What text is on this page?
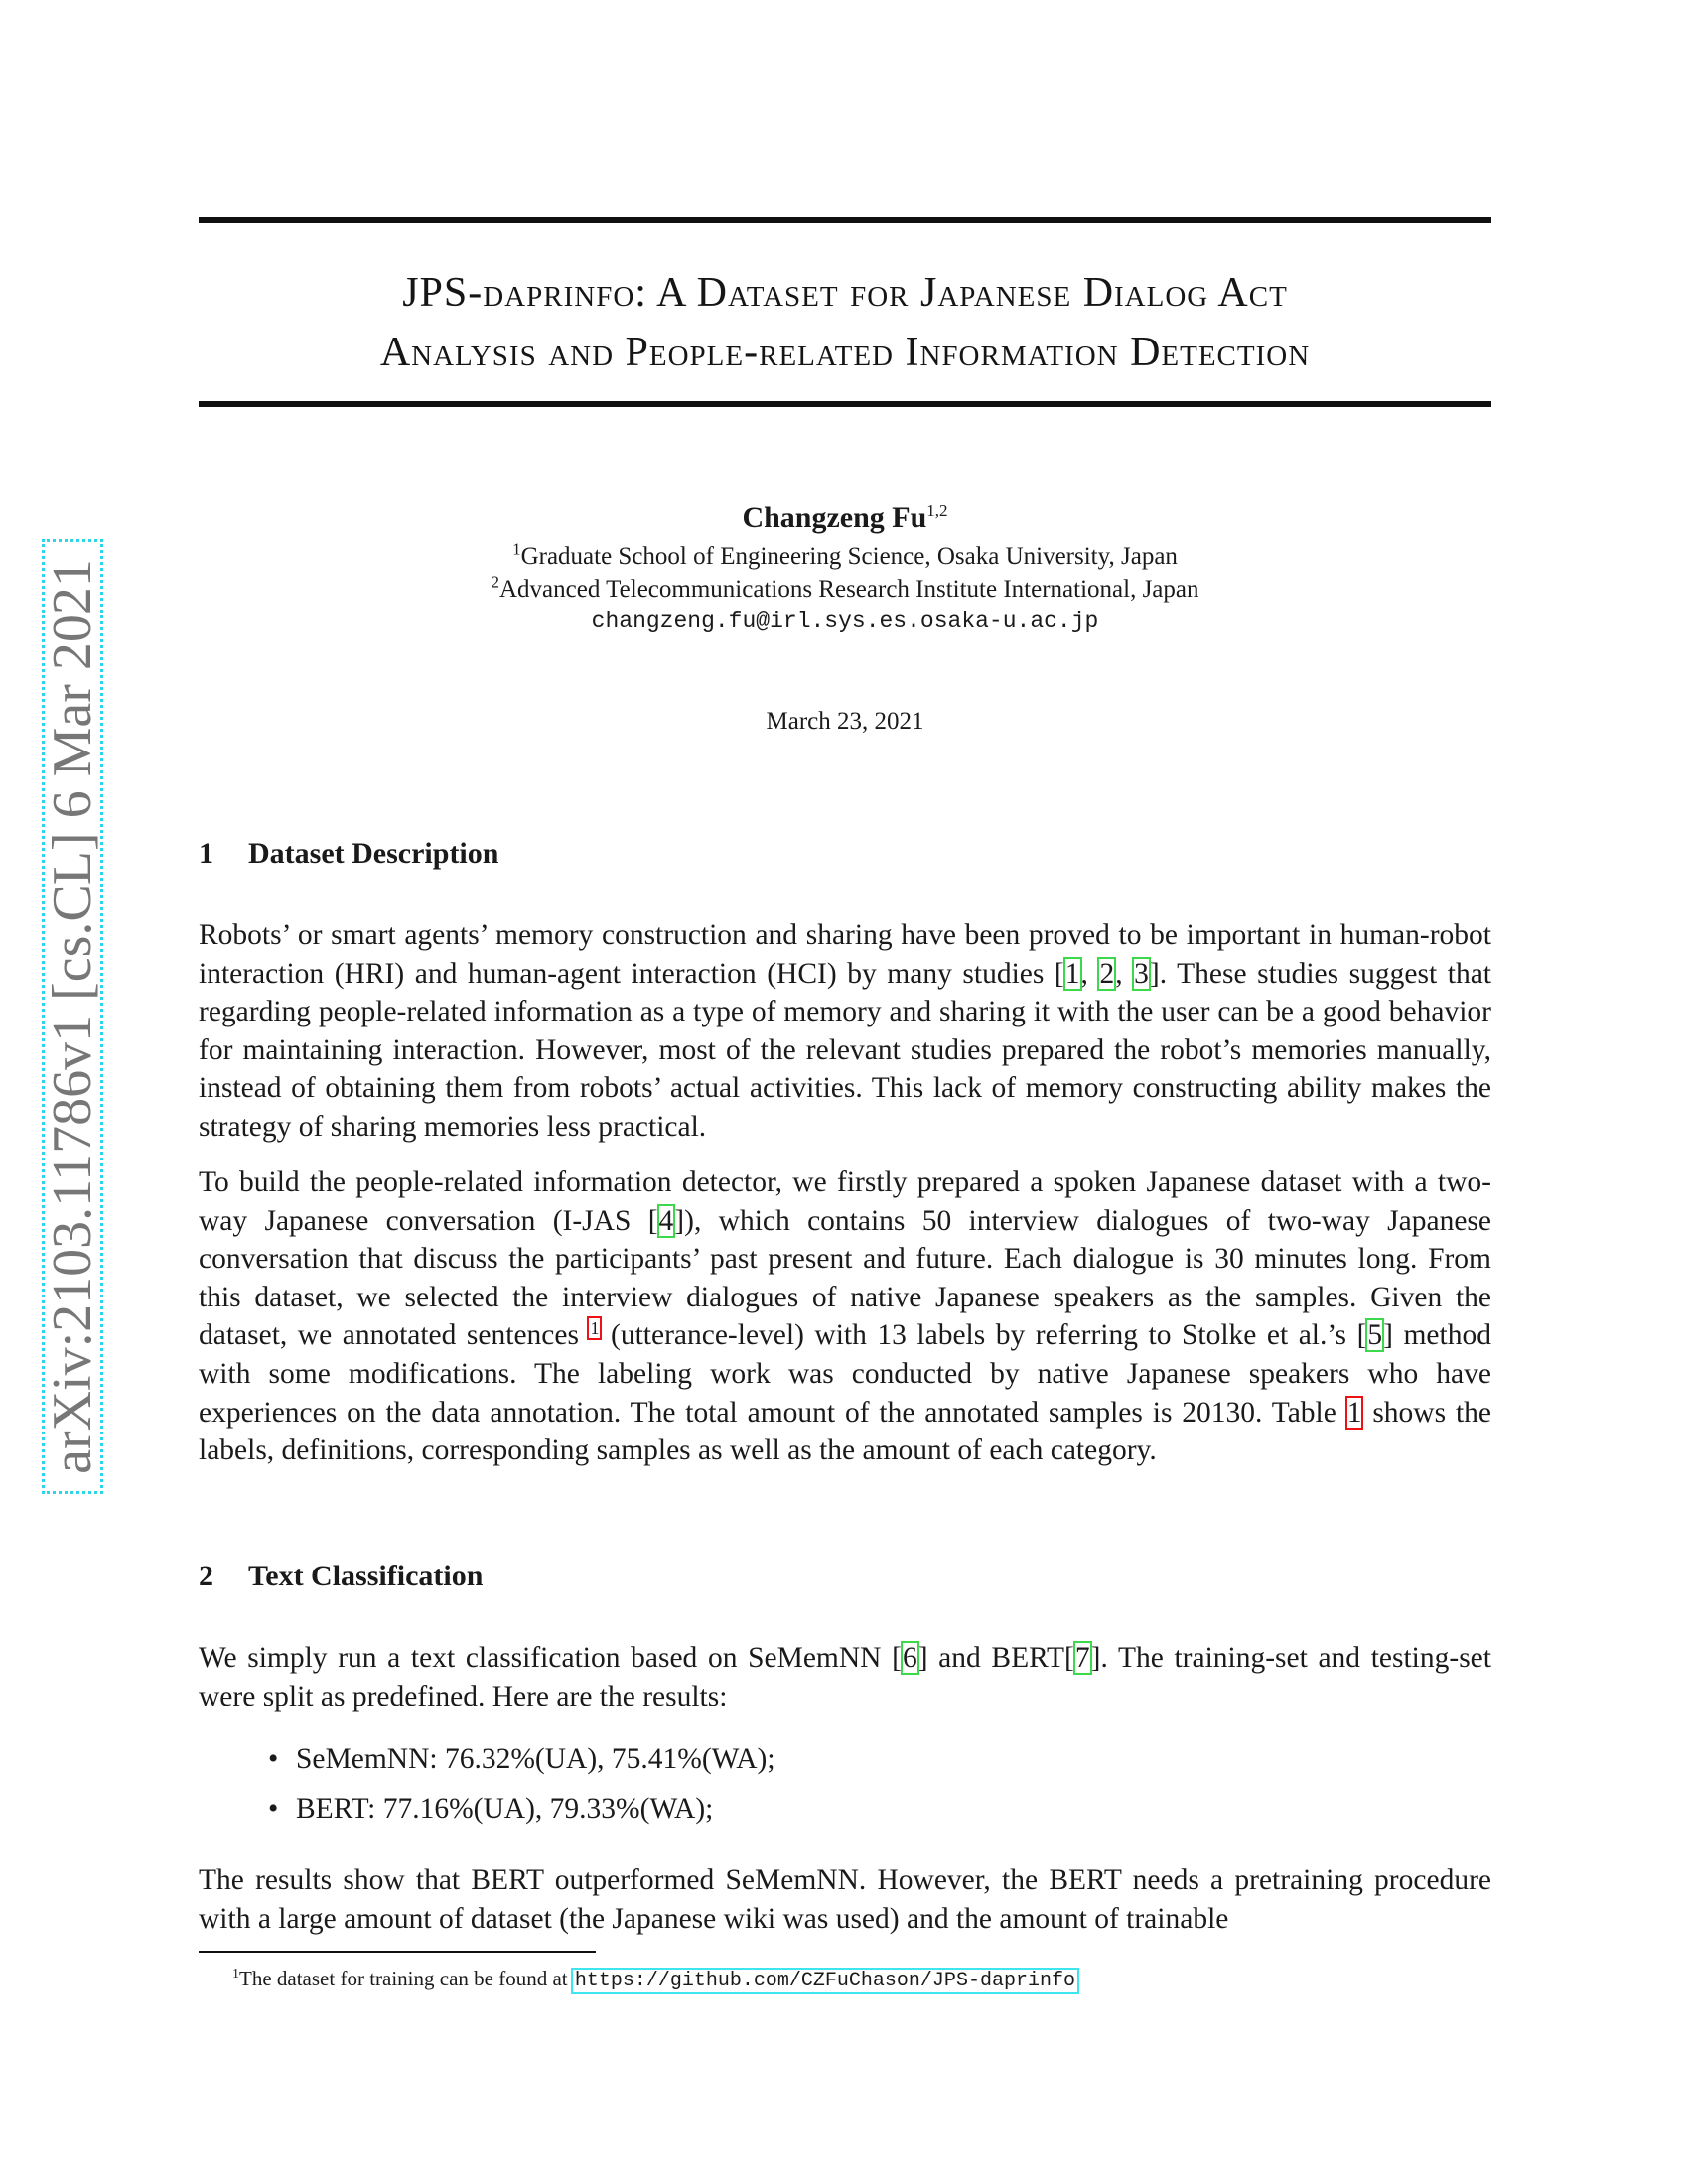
JPS-daprinfo: A Dataset for Japanese Dialog Act
Analysis and People-related Information Detection
Changzeng Fu$^{1,2}$
$^1$Graduate School of Engineering Science, Osaka University, Japan
$^2$Advanced Telecommunications Research Institute International, Japan
changzeng.fu@irl.sys.es.osaka-u.ac.jp
March 23, 2021
1 Dataset Description
Robots’ or smart agents’ memory construction and sharing have been proved to be important in human-robot interaction (HRI) and human-agent interaction (HCI) by many studies [1, 2, 3]. These studies suggest that regarding people-related information as a type of memory and sharing it with the user can be a good behavior for maintaining interaction. However, most of the relevant studies prepared the robot’s memories manually, instead of obtaining them from robots’ actual activities. This lack of memory constructing ability makes the strategy of sharing memories less practical.
To build the people-related information detector, we firstly prepared a spoken Japanese dataset with a two-way Japanese conversation (I-JAS [4]), which contains 50 interview dialogues of two-way Japanese conversation that discuss the participants’ past present and future. Each dialogue is 30 minutes long. From this dataset, we selected the interview dialogues of native Japanese speakers as the samples. Given the dataset, we annotated sentences $^1$ (utterance-level) with 13 labels by referring to Stolke et al.’s [5] method with some modifications. The labeling work was conducted by native Japanese speakers who have experiences on the data annotation. The total amount of the annotated samples is 20130. Table 1 shows the labels, definitions, corresponding samples as well as the amount of each category.
2 Text Classification
We simply run a text classification based on SeMemNN [6] and BERT[7]. The training-set and testing-set were split as predefined. Here are the results:
• SeMemNN: 76.32%(UA), 75.41%(WA);
• BERT: 77.16%(UA), 79.33%(WA);
The results show that BERT outperformed SeMemNN. However, the BERT needs a pretraining procedure with a large amount of dataset (the Japanese wiki was used) and the amount of trainable
$^1$The dataset for training can be found at https://github.com/CZFuChason/JPS-daprinfo
arXiv:2103.11786v1 [cs.CL] 6 Mar 2021
